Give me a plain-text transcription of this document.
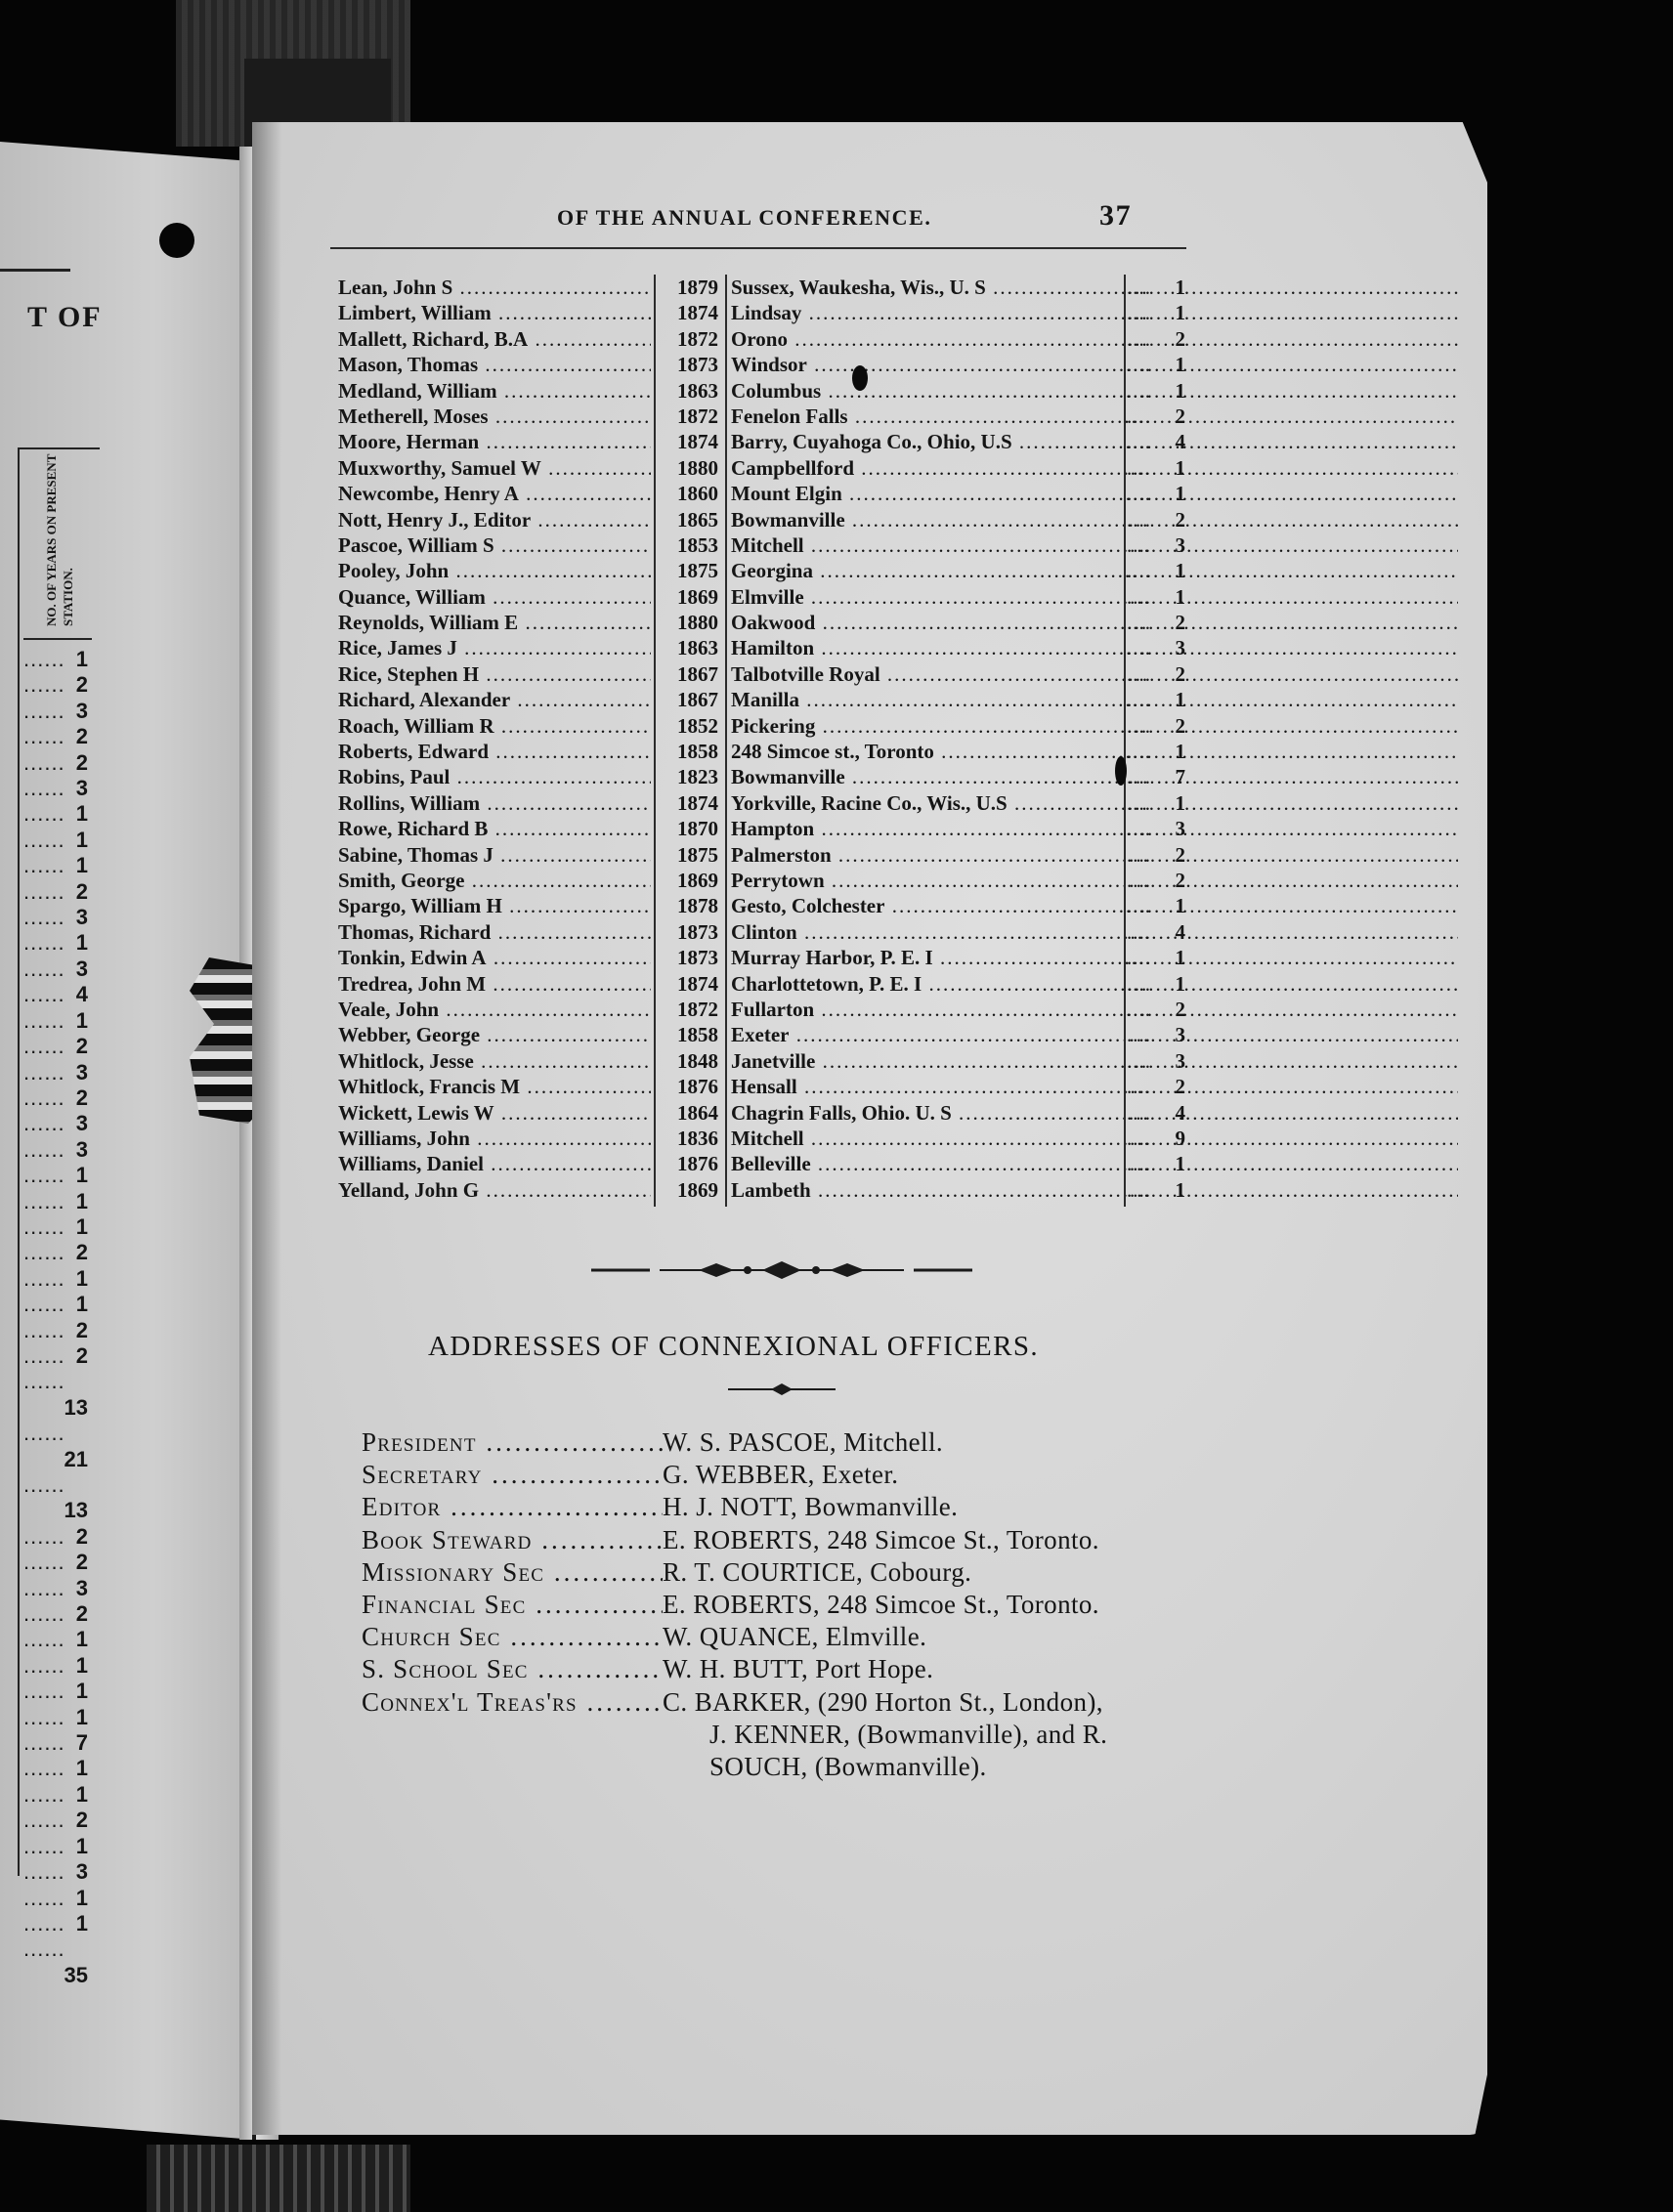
T OF
NO. OF YEARS ON PRESENT STATION.
...... 1
...... 2
...... 3
...... 2
...... 2
...... 3
...... 1
...... 1
...... 1
...... 2
...... 3
...... 1
...... 3
...... 4
...... 1
...... 2
...... 3
...... 2
...... 3
...... 3
...... 1
...... 1
...... 1
...... 2
...... 1
...... 1
...... 2
...... 2
...... 13
...... 21
...... 13
...... 2
...... 2
...... 3
...... 2
...... 1
...... 1
...... 1
...... 1
...... 7
...... 1
...... 1
...... 2
...... 1
...... 3
...... 1
...... 1
...... 35
OF THE ANNUAL CONFERENCE.	37
Lean, John S .....	1879 Sussex, Waukesha, Wis., U. S .....	.... 1
Limbert, William .....	1874 Lindsay .....	.... 1
Mallett, Richard, B.A .....	1872 Orono .....	.... 2
Mason, Thomas .....	1873 Windsor .....	.... 1
Medland, William .....	1863 Columbus .....	.... 1
Metherell, Moses .....	1872 Fenelon Falls .....	.... 2
Moore, Herman .....	1874 Barry, Cuyahoga Co., Ohio, U.S .....	.... 4
Muxworthy, Samuel W .....	1880 Campbellford .....	.... 1
Newcombe, Henry A .....	1860 Mount Elgin .....	.... 1
Nott, Henry J., Editor .....	1865 Bowmanville .....	.... 2
Pascoe, William S .....	1853 Mitchell .....	.... 3
Pooley, John .....	1875 Georgina .....	.... 1
Quance, William .....	1869 Elmville .....	.... 1
Reynolds, William E .....	1880 Oakwood .....	.... 2
Rice, James J .....	1863 Hamilton .....	.... 3
Rice, Stephen H .....	1867 Talbotville Royal .....	.... 2
Richard, Alexander .....	1867 Manilla .....	.... 1
Roach, William R .....	1852 Pickering .....	.... 2
Roberts, Edward .....	1858 248 Simcoe st., Toronto .....	.... 1
Robins, Paul .....	1823 Bowmanville .....	.... 7
Rollins, William .....	1874 Yorkville, Racine Co., Wis., U.S .....	.... 1
Rowe, Richard B .....	1870 Hampton .....	.... 3
Sabine, Thomas J .....	1875 Palmerston .....	.... 2
Smith, George .....	1869 Perrytown .....	.... 2
Spargo, William H .....	1878 Gesto, Colchester .....	.... 1
Thomas, Richard .....	1873 Clinton .....	.... 4
Tonkin, Edwin A .....	1873 Murray Harbor, P. E. I .....	.... 1
Tredrea, John M .....	1874 Charlottetown, P. E. I .....	.... 1
Veale, John .....	1872 Fullarton .....	.... 2
Webber, George .....	1858 Exeter .....	.... 3
Whitlock, Jesse .....	1848 Janetville .....	.... 3
Whitlock, Francis M .....	1876 Hensall .....	.... 2
Wickett, Lewis W .....	1864 Chagrin Falls, Ohio. U. S .....	.... 4
Williams, John .....	1836 Mitchell .....	.... 9
Williams, Daniel .....	1876 Belleville .....	.... 1
Yelland, John G .....	1869 Lambeth .....	.... 1
ADDRESSES OF CONNEXIONAL OFFICERS.
President .....	W. S. PASCOE, Mitchell.
Secretary .....	G. WEBBER, Exeter.
Editor .....	H. J. NOTT, Bowmanville.
Book Steward .....	E. ROBERTS, 248 Simcoe St., Toronto.
Missionary Sec .....	R. T. COURTICE, Cobourg.
Financial Sec .....	E. ROBERTS, 248 Simcoe St., Toronto.
Church Sec .....	W. QUANCE, Elmville.
S. School Sec .....	W. H. BUTT, Port Hope.
Connex'l Treas'rs .....	C. BARKER, (290 Horton St., London),
J. KENNER, (Bowmanville), and R.
SOUCH, (Bowmanville).
